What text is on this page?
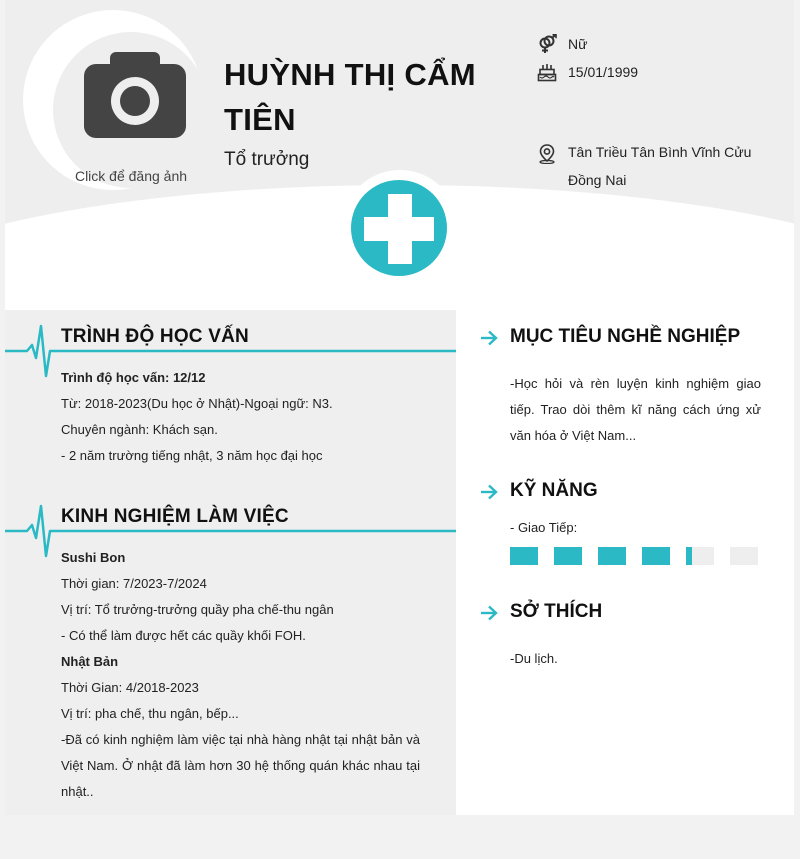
Click để đăng ảnh
HUỲNH THỊ CẨM TIÊN
Tổ trưởng
Nữ
15/01/1999
Tân Triều Tân Bình Vĩnh Cửu Đồng Nai
TRÌNH ĐỘ HỌC VẤN
Trình độ học vấn: 12/12
Từ: 2018-2023(Du học ở Nhật)-Ngoại ngữ: N3.
Chuyên ngành: Khách sạn.
- 2 năm trường tiếng nhật, 3 năm học đại học
KINH NGHIỆM LÀM VIỆC
Sushi Bon
Thời gian: 7/2023-7/2024
Vị trí: Tổ trưởng-trưởng quầy pha chế-thu ngân
- Có thể làm được hết các quầy khối FOH.
Nhật Bản
Thời Gian: 4/2018-2023
Vị trí: pha chế, thu ngân, bếp...
-Đã có kinh nghiệm làm việc tại nhà hàng nhật tại nhật bản và Việt Nam. Ở nhật đã làm hơn 30 hệ thống quán khác nhau tại nhật..
MỤC TIÊU NGHỀ NGHIỆP
-Học hỏi và rèn luyện kinh nghiệm giao tiếp. Trao dòi thêm kĩ năng cách ứng xử văn hóa ở Việt Nam...
KỸ NĂNG
- Giao Tiếp:
SỞ THÍCH
-Du lịch.
